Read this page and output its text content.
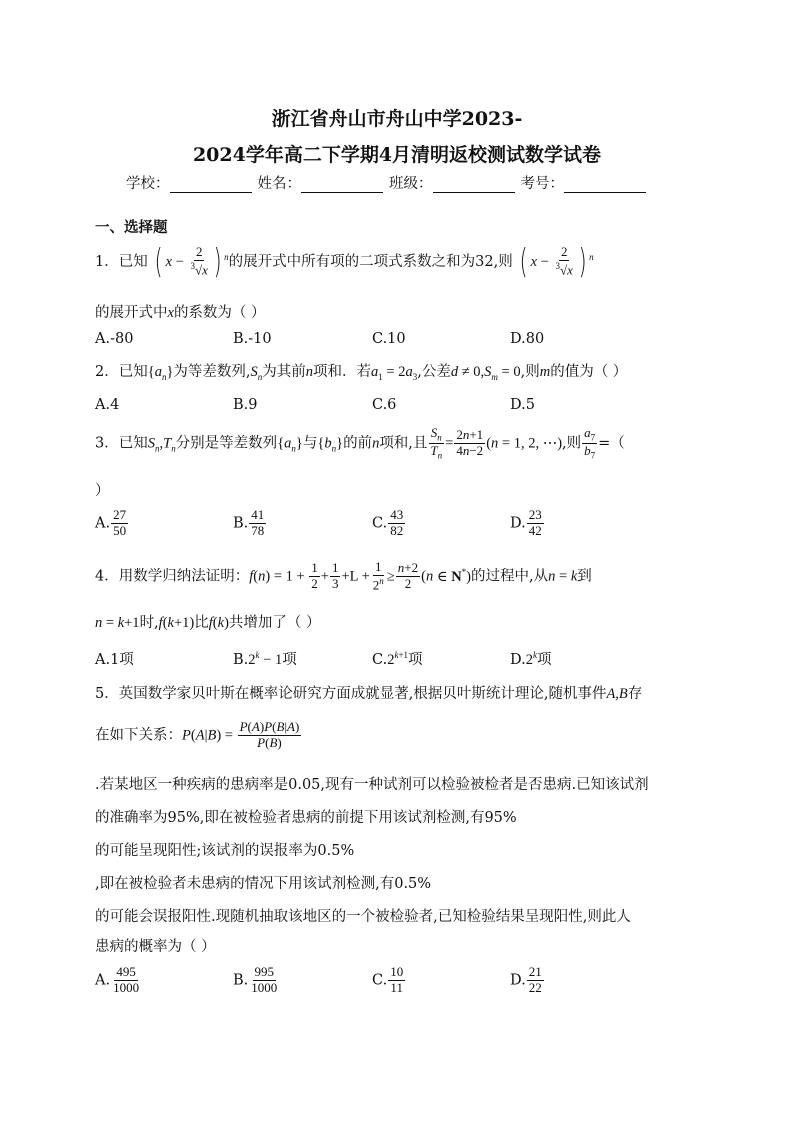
浙江省舟山市舟山中学2023-
2024学年高二下学期4月清明返校测试数学试卷
学校：	姓名：	班级：	考号：
一、选择题
1．已知 ( $x - \frac{2}{^3√x}$ ) $^n$的展开式中所有项的二项式系数之和为32,则 ( $x - \frac{2}{^3√x}$ ) $^n$
的展开式中x的系数为（ ）
A.-80	B.-10	C.10	D.80
2．已知$\{a_n\}$为等差数列$,S_n$为其前n项和．若$a_1 = 2a_3$,公差$d \ne 0,S_m = 0$,则m的值为（ ）
A.4	B.9	C.6	D.5
3．已知$S_n,T_n$分别是等差数列$\{a_n\}$与$\{b_n\}$的前n项和,且 $\frac{S_n}{T_n} = \frac{2n+1}{4n-2} (n = 1$, 2, ⋯),则 $\frac{a_7}{b_7}$ =（
）
A. $\frac{27}{50}$	B. $\frac{41}{78}$	C. $\frac{43}{82}$	D. $\frac{23}{42}$
4．用数学归纳法证明：$f(n) = 1 + \frac{1}{2} + \frac{1}{3} +L + \frac{1}{2^n} \ge \frac{n+2}{2} (n$ ∈ N*)的过程中,从n = k到
n = k+1时,f(k+1)比f(k)共增加了（ ）
A.1项	$B.2^k - 1$项	$C.2^{k+1}$项	D.2$^k$项
5．英国数学家贝叶斯在概率论研究方面成就显著,根据贝叶斯统计理论,随机事件A,B存
在如下关系：$P(A|B) = \frac{P(A)P(B|A)}{P(B)}$
.若某地区一种疾病的患病率是0.05,现有一种试剂可以检验被检者是否患病.已知该试剂
的准确率为95%,即在被检验者患病的前提下用该试剂检测,有95%
的可能呈现阳性;该试剂的误报率为0.5%
,即在被检验者未患病的情况下用该试剂检测,有0.5%
的可能会误报阳性.现随机抽取该地区的一个被检验者,已知检验结果呈现阳性,则此人
患病的概率为（ ）
A. $\frac{495}{1000}$	B. $\frac{995}{1000}$	C. $\frac{10}{11}$	D. $\frac{21}{22}$
